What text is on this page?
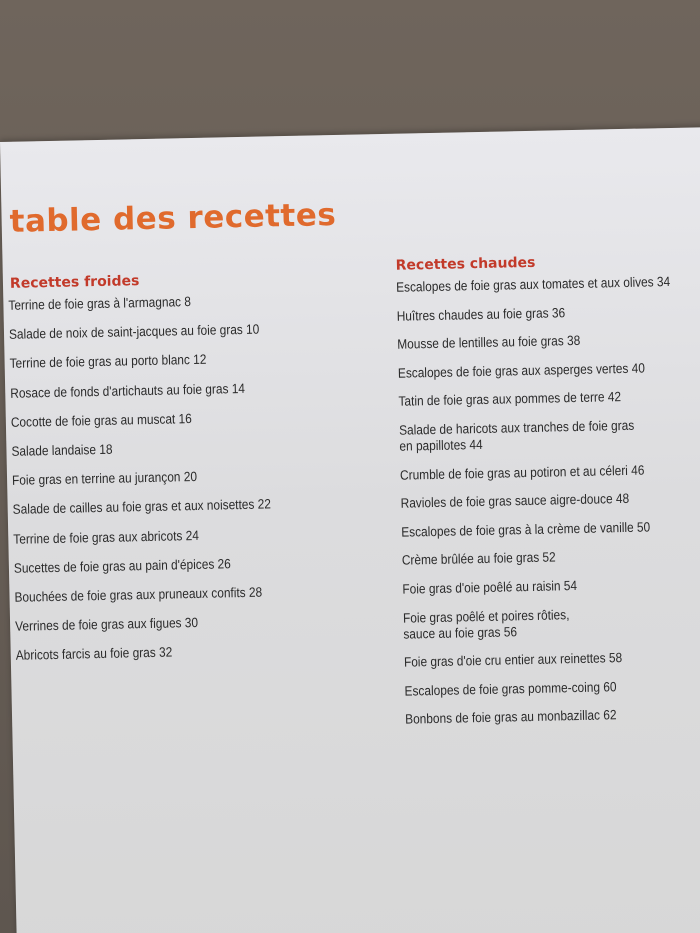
table des recettes
Recettes froides
Terrine de foie gras à l'armagnac 8
Salade de noix de saint-jacques au foie gras 10
Terrine de foie gras au porto blanc 12
Rosace de fonds d'artichauts au foie gras 14
Cocotte de foie gras au muscat 16
Salade landaise 18
Foie gras en terrine au jurançon 20
Salade de cailles au foie gras et aux noisettes 22
Terrine de foie gras aux abricots 24
Sucettes de foie gras au pain d'épices 26
Bouchées de foie gras aux pruneaux confits 28
Verrines de foie gras aux figues 30
Abricots farcis au foie gras 32
Recettes chaudes
Escalopes de foie gras aux tomates et aux olives 34
Huîtres chaudes au foie gras 36
Mousse de lentilles au foie gras 38
Escalopes de foie gras aux asperges vertes 40
Tatin de foie gras aux pommes de terre 42
Salade de haricots aux tranches de foie gras
en papillotes 44
Crumble de foie gras au potiron et au céleri 46
Ravioles de foie gras sauce aigre-douce 48
Escalopes de foie gras à la crème de vanille 50
Crème brûlée au foie gras 52
Foie gras d'oie poêlé au raisin 54
Foie gras poêlé et poires rôties,
sauce au foie gras 56
Foie gras d'oie cru entier aux reinettes 58
Escalopes de foie gras pomme-coing 60
Bonbons de foie gras au monbazillac 62
